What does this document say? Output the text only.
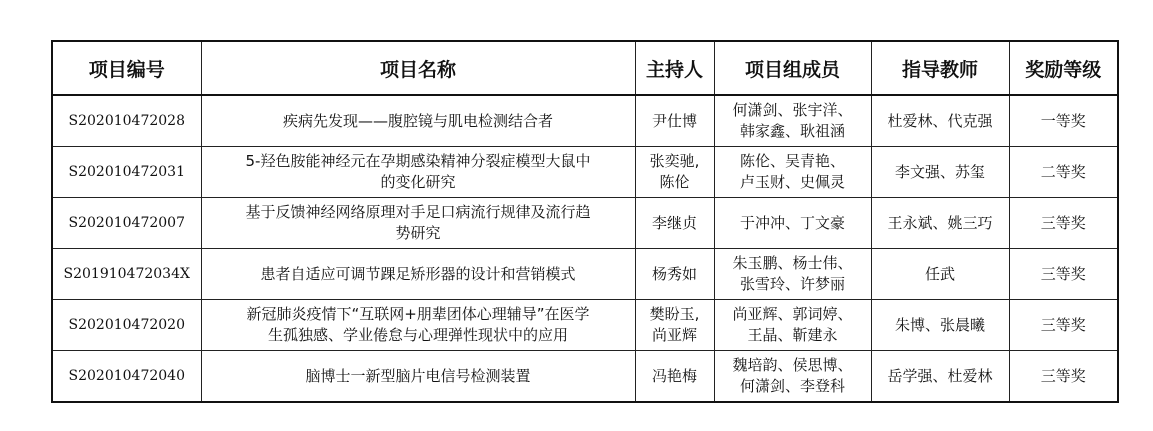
项目编号	项目名称	主持人	项目组成员	指导教师	奖励等级
S202010472028	疾病先发现——腹腔镜与肌电检测结合者	尹仕博	何潇剑、张宇洋、
韩家鑫、耿祖涵	杜爱林、代克强	一等奖
S202010472031	5-羟色胺能神经元在孕期感染精神分裂症模型大鼠中
的变化研究	张奕驰,
陈伦	陈伦、吴青艳、
卢玉财、史佩灵	李文强、苏玺	二等奖
S202010472007	基于反馈神经网络原理对手足口病流行规律及流行趋
势研究	李继贞	于冲冲、丁文豪	王永斌、姚三巧	三等奖
S201910472034X	患者自适应可调节踝足矫形器的设计和营销模式	杨秀如	朱玉鹏、杨士伟、
张雪玲、许梦丽	任武	三等奖
S202010472020	新冠肺炎疫情下“互联网+朋辈团体心理辅导”在医学
生孤独感、学业倦怠与心理弹性现状中的应用	樊盼玉,
尚亚辉	尚亚辉、郭词婷、
王晶、靳建永	朱博、张晨曦	三等奖
S202010472040	脑博士一新型脑片电信号检测装置	冯艳梅	魏培韵、侯思博、
何潇剑、李登科	岳学强、杜爱林	三等奖
